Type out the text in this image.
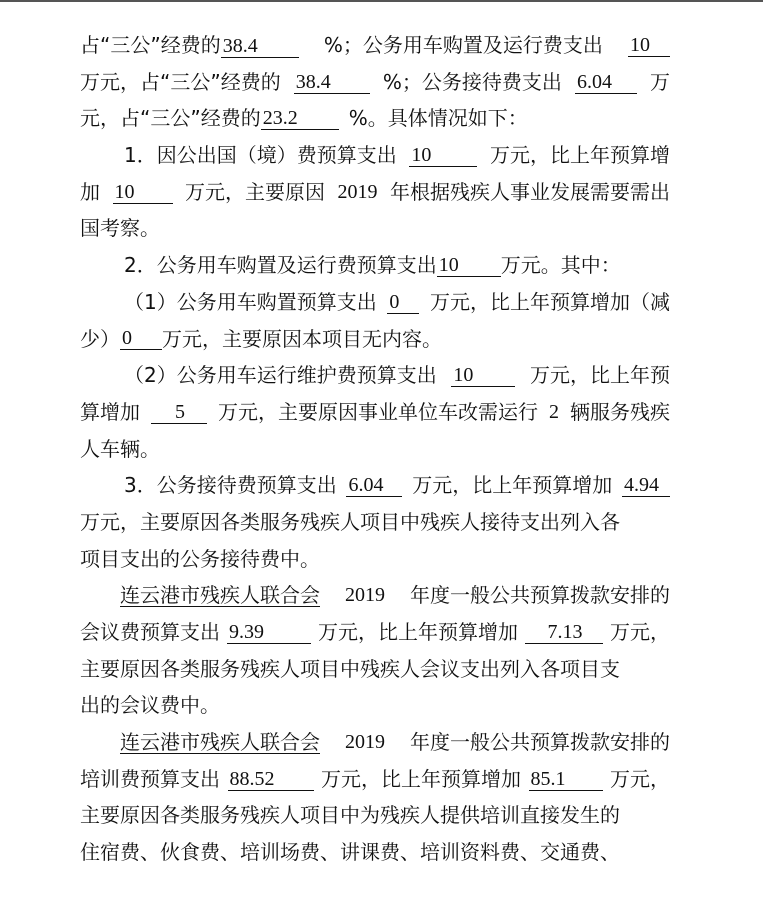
占“三公”经费的 38.4	%；公务用车购置及运行费支出 10
万元，占“三公”经费的 38.4	%；公务接待费支出 6.04	万
元，占“三公”经费的 23.2	%。具体情况如下：
1．因公出国（境）费预算支出 10	万元，比上年预算增
加 10	万元，主要原因 2019 年根据残疾人事业发展需要需出
国考察。
2．公务用车购置及运行费预算支出 10	万元。其中：
（1）公务用车购置预算支出 0	万元，比上年预算增加（减
少） 0	万元，主要原因本项目无内容。
（2）公务用车运行维护费预算支出 10	万元，比上年预
算增加	5	万元，主要原因事业单位车改需运行 2 辆服务残疾
人车辆。
3．公务接待费预算支出 6.04	万元，比上年预算增加 4.94
万元，主要原因各类服务残疾人项目中残疾人接待支出列入各
项目支出的公务接待费中。
连云港市残疾人联合会 2019 年度一般公共预算拨款安排的
会议费预算支出 9.39	万元，比上年预算增加	7.13	万元，
主要原因各类服务残疾人项目中残疾人会议支出列入各项目支
出的会议费中。
连云港市残疾人联合会 2019 年度一般公共预算拨款安排的
培训费预算支出 88.52	万元，比上年预算增加 85.1	万元，
主要原因各类服务残疾人项目中为残疾人提供培训直接发生的
住宿费、伙食费、培训场费、讲课费、培训资料费、交通费、
